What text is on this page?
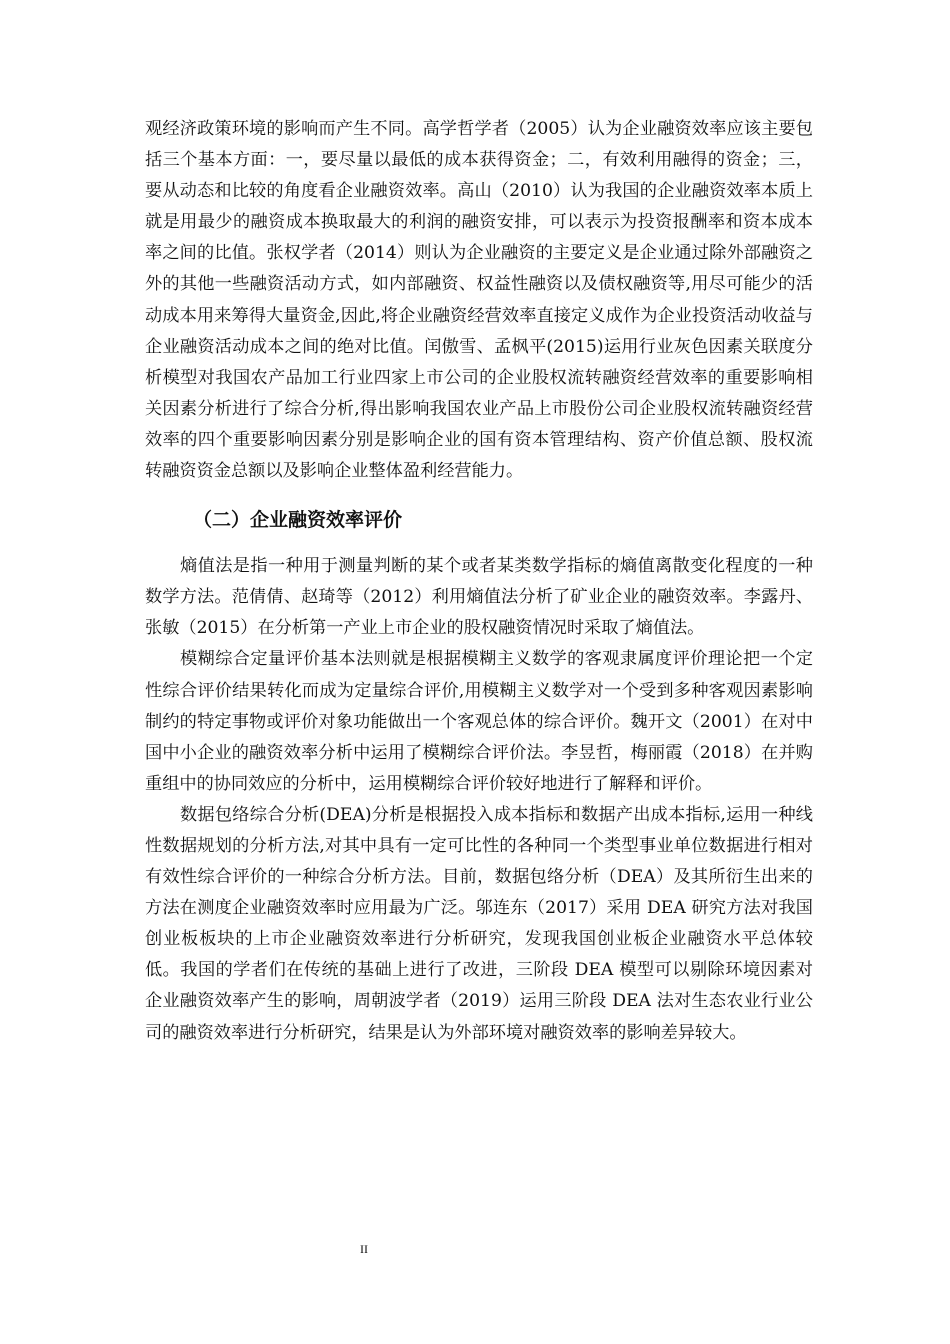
观经济政策环境的影响而产生不同。高学哲学者（2005）认为企业融资效率应该主要包括三个基本方面：一，要尽量以最低的成本获得资金；二，有效利用融得的资金；三，要从动态和比较的角度看企业融资效率。高山（2010）认为我国的企业融资效率本质上就是用最少的融资成本换取最大的利润的融资安排，可以表示为投资报酬率和资本成本率之间的比值。张权学者（2014）则认为企业融资的主要定义是企业通过除外部融资之外的其他一些融资活动方式，如内部融资、权益性融资以及债权融资等,用尽可能少的活动成本用来筹得大量资金,因此,将企业融资经营效率直接定义成作为企业投资活动收益与企业融资活动成本之间的绝对比值。闰傲雪、孟枫平(2015)运用行业灰色因素关联度分析模型对我国农产品加工行业四家上市公司的企业股权流转融资经营效率的重要影响相关因素分析进行了综合分析,得出影响我国农业产品上市股份公司企业股权流转融资经营效率的四个重要影响因素分别是影响企业的国有资本管理结构、资产价值总额、股权流转融资资金总额以及影响企业整体盈利经营能力。

（二）企业融资效率评价

熵值法是指一种用于测量判断的某个或者某类数学指标的熵值离散变化程度的一种数学方法。范倩倩、赵琦等（2012）利用熵值法分析了矿业企业的融资效率。李露丹、张敏（2015）在分析第一产业上市企业的股权融资情况时采取了熵值法。

模糊综合定量评价基本法则就是根据模糊主义数学的客观隶属度评价理论把一个定性综合评价结果转化而成为定量综合评价,用模糊主义数学对一个受到多种客观因素影响制约的特定事物或评价对象功能做出一个客观总体的综合评价。魏开文（2001）在对中国中小企业的融资效率分析中运用了模糊综合评价法。李昱哲，梅丽霞（2018）在并购重组中的协同效应的分析中，运用模糊综合评价较好地进行了解释和评价。

数据包络综合分析(DEA)分析是根据投入成本指标和数据产出成本指标,运用一种线性数据规划的分析方法,对其中具有一定可比性的各种同一个类型事业单位数据进行相对有效性综合评价的一种综合分析方法。目前，数据包络分析（DEA）及其所衍生出来的方法在测度企业融资效率时应用最为广泛。邬连东（2017）采用 DEA 研究方法对我国创业板板块的上市企业融资效率进行分析研究，发现我国创业板企业融资水平总体较低。我国的学者们在传统的基础上进行了改进，三阶段 DEA 模型可以剔除环境因素对企业融资效率产生的影响，周朝波学者（2019）运用三阶段 DEA 法对生态农业行业公司的融资效率进行分析研究，结果是认为外部环境对融资效率的影响差异较大。

II
